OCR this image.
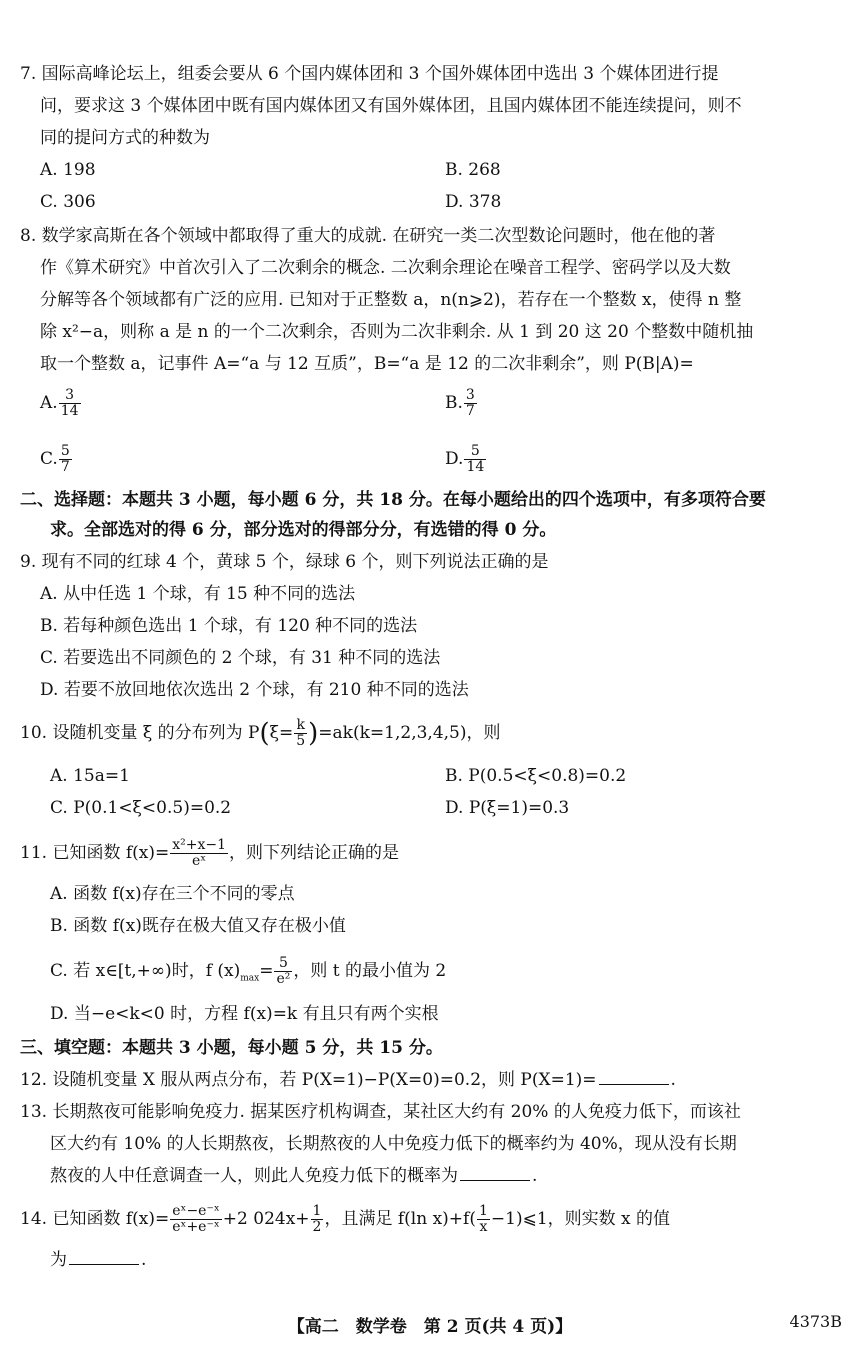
7. 国际高峰论坛上，组委会要从 6 个国内媒体团和 3 个国外媒体团中选出 3 个媒体团进行提
问，要求这 3 个媒体团中既有国内媒体团又有国外媒体团，且国内媒体团不能连续提问，则不
同的提问方式的种数为
A. 198	B. 268
C. 306	D. 378
8. 数学家高斯在各个领域中都取得了重大的成就. 在研究一类二次型数论问题时，他在他的著
作《算术研究》中首次引入了二次剩余的概念. 二次剩余理论在噪音工程学、密码学以及大数
分解等各个领域都有广泛的应用. 已知对于正整数 a，n(n⩾2)，若存在一个整数 x，使得 n 整
除 x²−a，则称 a 是 n 的一个二次剩余，否则为二次非剩余. 从 1 到 20 这 20 个整数中随机抽
取一个整数 a，记事件 A=“a 与 12 互质”，B=“a 是 12 的二次非剩余”，则 P(B|A)=
A. $\frac{3}{14}$	B. $\frac{3}{7}$
C. $\frac{5}{7}$	D. $\frac{5}{14}$
二、选择题：本题共 3 小题，每小题 6 分，共 18 分。在每小题给出的四个选项中，有多项符合要
求。全部选对的得 6 分，部分选对的得部分分，有选错的得 0 分。
9. 现有不同的红球 4 个，黄球 5 个，绿球 6 个，则下列说法正确的是
A. 从中任选 1 个球，有 15 种不同的选法
B. 若每种颜色选出 1 个球，有 120 种不同的选法
C. 若要选出不同颜色的 2 个球，有 31 种不同的选法
D. 若要不放回地依次选出 2 个球，有 210 种不同的选法
10. 设随机变量 ξ 的分布列为 $P(\xi= \frac{k}{5} )=ak(k=1,2,3,4,5)$，则
A. 15a=1	B. P(0.5<ξ<0.8)=0.2
C. P(0.1<ξ<0.5)=0.2	D. P(ξ=1)=0.3
11. 已知函数 $f(x)= \frac{\text{x²+x−1}}{\text{eˣ}}$ ，则下列结论正确的是
A. 函数 f(x)存在三个不同的零点
B. 函数 f(x)既存在极大值又存在极小值
C. 若 x∈[t,+∞)时，f $(x)_{max}= \frac{5}{\text{e²}}$ ，则 t 的最小值为 2
D. 当−e<k<0 时，方程 f(x)=k 有且只有两个实根
三、填空题：本题共 3 小题，每小题 5 分，共 15 分。
12. 设随机变量 X 服从两点分布，若 P(X=1)−P(X=0)=0.2，则 P(X=1)=	.
13. 长期熬夜可能影响免疫力. 据某医疗机构调查，某社区大约有 20% 的人免疫力低下，而该社
区大约有 10% 的人长期熬夜，长期熬夜的人中免疫力低下的概率约为 40%，现从没有长期
熬夜的人中任意调查一人，则此人免疫力低下的概率为	.
14. 已知函数 $f(x)= \frac{\text{eˣ−e⁻ˣ}}{\text{eˣ+e⁻ˣ}} +2$ $024x+ \frac{1}{2}$ ，且满足 f(ln $x)+f( \frac{1}{x}$ −1)⩽1，则实数 x 的值
为	.
【高二　数学卷　第 2 页(共 4 页)】	4373B
